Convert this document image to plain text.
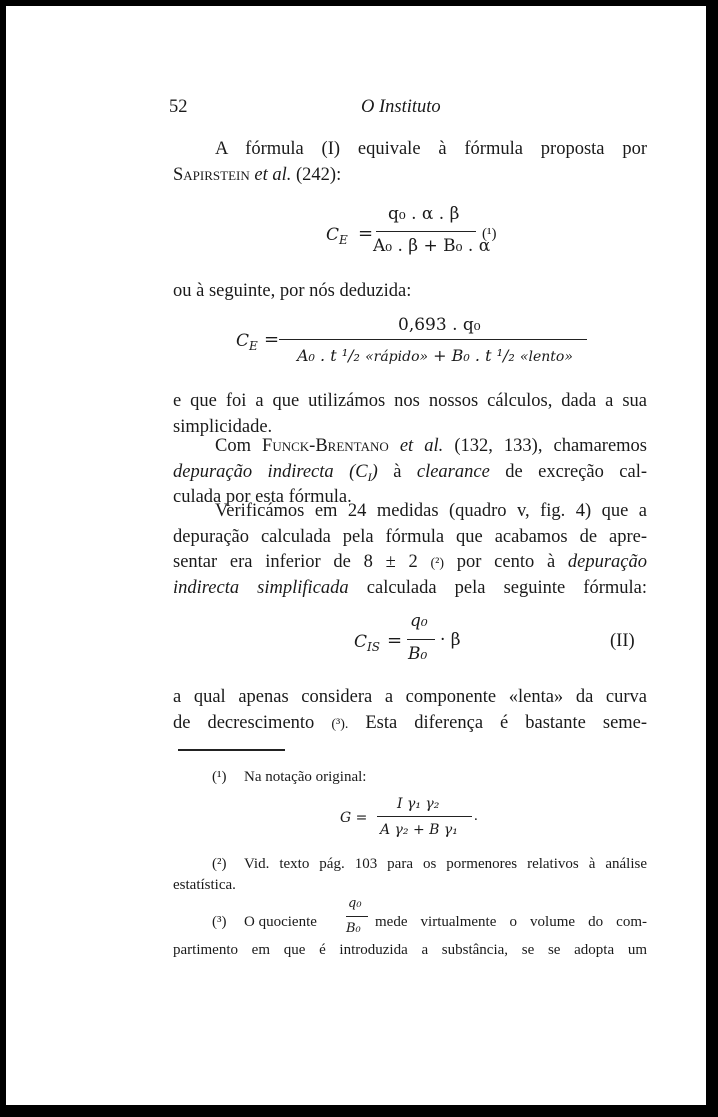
52	O Instituto
A fórmula (I) equivale à fórmula proposta por
Sapirstein et al. (242):
$C_E$ =
q₀ . α . β
A₀ . β + B₀ . α
(¹)
ou à seguinte, por nós deduzida:
$C_E$ =
0,693 . q₀
A₀ . t ¹/₂ «rápido» + B₀ . t ¹/₂ «lento»
e que foi a que utilizámos nos nossos cálculos, dada a sua
simplicidade.
Com Funck-Brentano et al. (132, 133), chamaremos
depuração indirecta $(C_I)$ à clearance de excreção cal-
culada por esta fórmula.
Verificámos em 24 medidas (quadro v, fig. 4) que a
depuração calculada pela fórmula que acabamos de apre-
sentar era inferior de 8 ± 2 (²) por cento à depuração
indirecta simplificada calculada pela seguinte fórmula:
$C_{IS}$ =
q₀
B₀
· β	(II)
a qual apenas considera a componente «lenta» da curva
de decrescimento (³). Esta diferença é bastante seme-
(¹) Na notação original:
G =
I γ₁ γ₂
A γ₂ + B γ₁
.
(²) Vid. texto pág. 103 para os pormenores relativos à análise
estatística.
(³) O quociente
q₀
B₀ mede virtualmente o volume do com-
partimento em que é introduzida a substância, se se adopta um
